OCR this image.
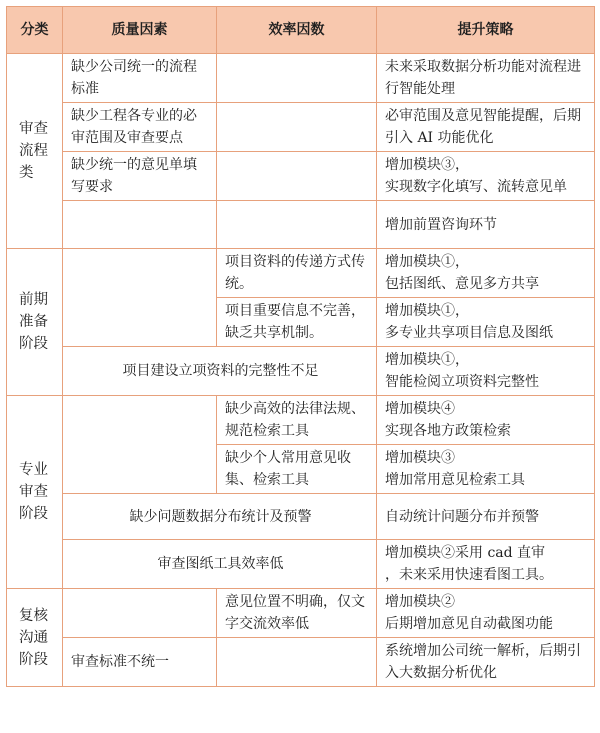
分类	质量因素	效率因数	提升策略
审查
流程
类	缺少公司统一的流程标准		未来采取数据分析功能对流程进行智能处理
	缺少工程各专业的必审范围及审查要点		必审范围及意见智能提醒，后期引入 AI 功能优化
	缺少统一的意见单填写要求		增加模块③，
实现数字化填写、流转意见单
			增加前置咨询环节
前期
准备
阶段		项目资料的传递方式传统。	增加模块①，
包括图纸、意见多方共享
		项目重要信息不完善，缺乏共享机制。	增加模块①，
多专业共享项目信息及图纸
	项目建设立项资料的完整性不足		增加模块①，
智能检阅立项资料完整性
专业
审查
阶段		缺少高效的法律法规、规范检索工具	增加模块④
实现各地方政策检索
		缺少个人常用意见收集、检索工具	增加模块③
增加常用意见检索工具
	缺少问题数据分布统计及预警		自动统计问题分布并预警
	审查图纸工具效率低		增加模块②采用 cad 直审
，未来采用快速看图工具。
复核
沟通
阶段		意见位置不明确，仅文字交流效率低	增加模块②
后期增加意见自动截图功能
	审查标准不统一		系统增加公司统一解析，后期引入大数据分析优化
